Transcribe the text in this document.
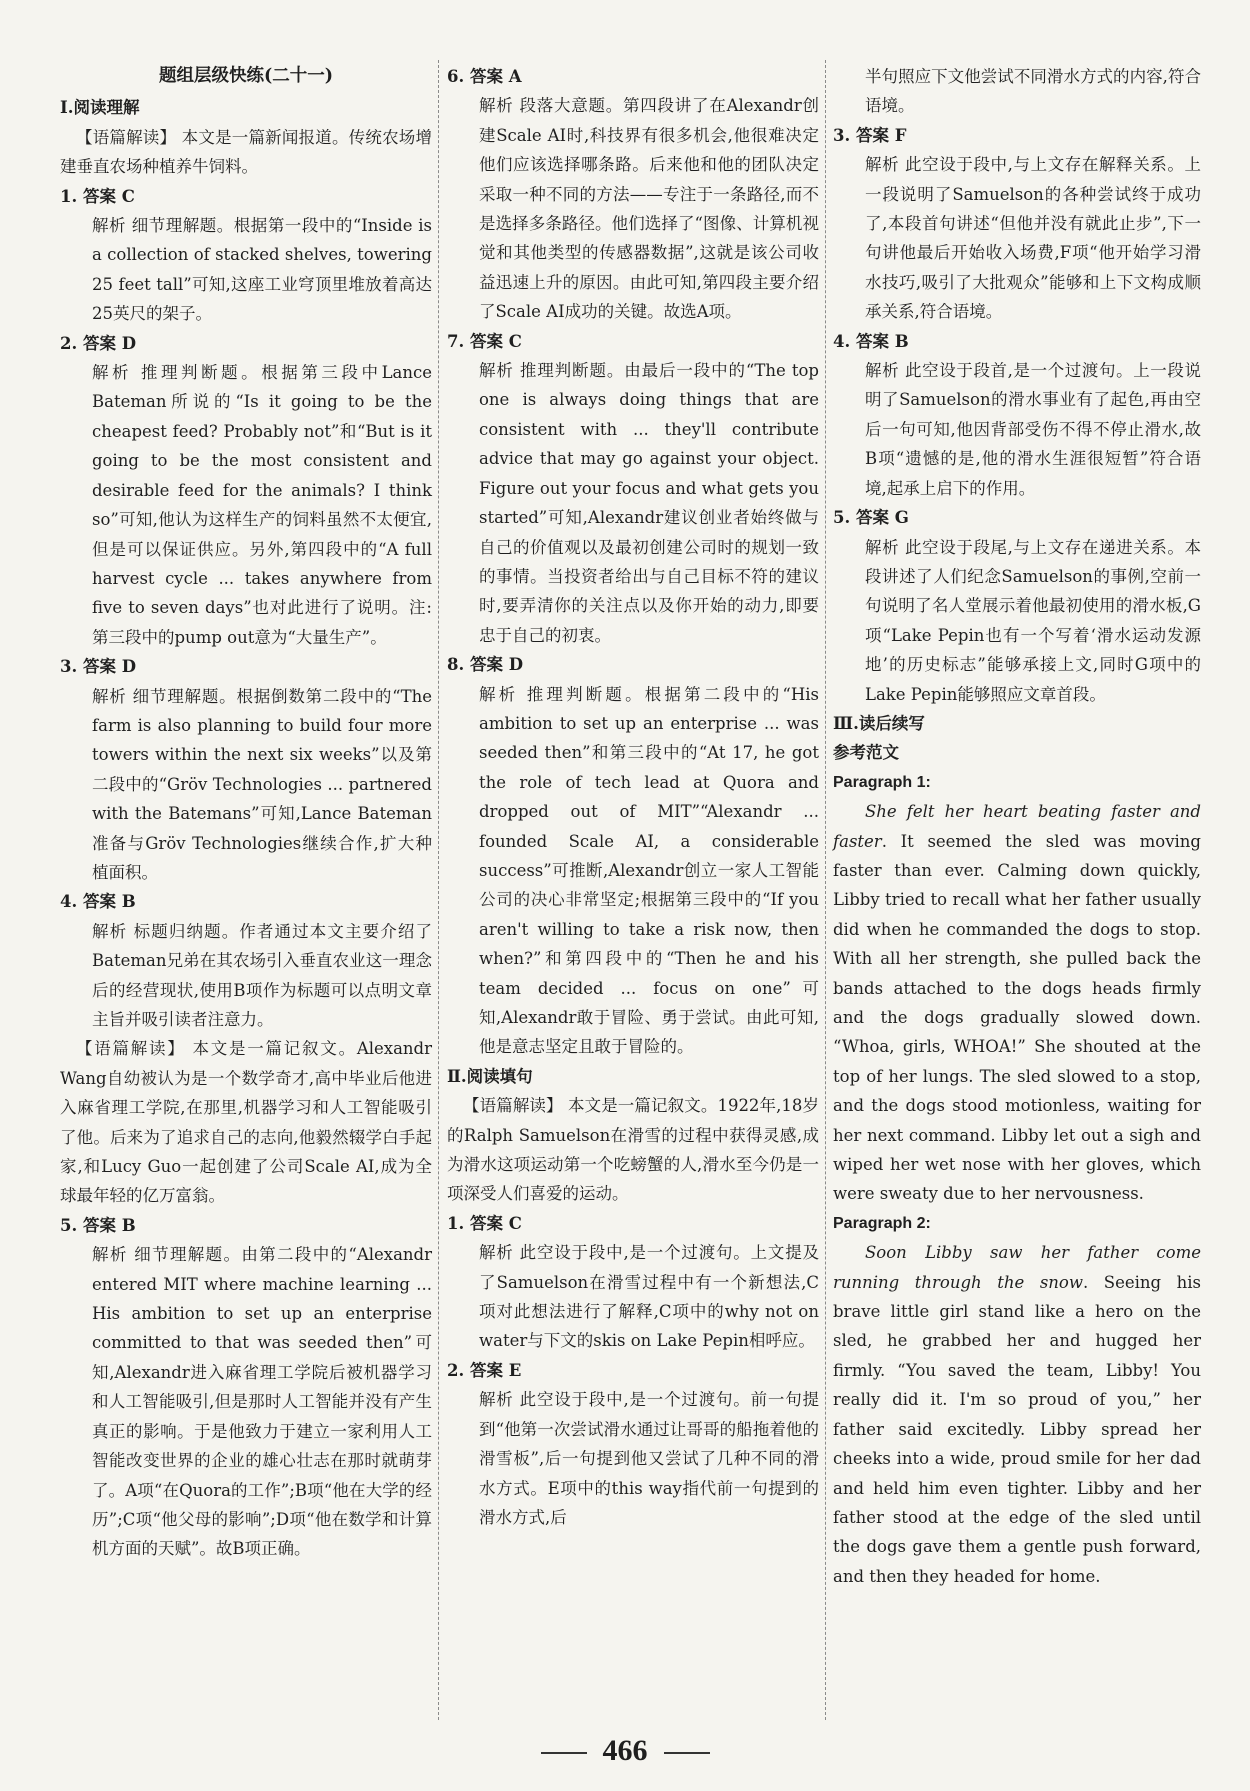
题组层级快练(二十一)

Ⅰ.阅读理解

【语篇解读】 本文是一篇新闻报道。传统农场增建垂直农场种植养牛饲料。

1. 答案 C

解析 细节理解题。根据第一段中的“Inside is a collection of stacked shelves, towering 25 feet tall”可知,这座工业穹顶里堆放着高达25英尺的架子。

2. 答案 D

解析 推理判断题。根据第三段中Lance Bateman所说的“Is it going to be the cheapest feed? Probably not”和“But is it going to be the most consistent and desirable feed for the animals? I think so”可知,他认为这样生产的饲料虽然不太便宜,但是可以保证供应。另外,第四段中的“A full harvest cycle ... takes anywhere from five to seven days”也对此进行了说明。注:第三段中的pump out意为“大量生产”。

3. 答案 D

解析 细节理解题。根据倒数第二段中的“The farm is also planning to build four more towers within the next six weeks”以及第二段中的“Gröv Technologies ... partnered with the Batemans”可知,Lance Bateman准备与Gröv Technologies继续合作,扩大种植面积。

4. 答案 B

解析 标题归纳题。作者通过本文主要介绍了Bateman兄弟在其农场引入垂直农业这一理念后的经营现状,使用B项作为标题可以点明文章主旨并吸引读者注意力。

【语篇解读】 本文是一篇记叙文。Alexandr Wang自幼被认为是一个数学奇才,高中毕业后他进入麻省理工学院,在那里,机器学习和人工智能吸引了他。后来为了追求自己的志向,他毅然辍学白手起家,和Lucy Guo一起创建了公司Scale AI,成为全球最年轻的亿万富翁。

5. 答案 B

解析 细节理解题。由第二段中的“Alexandr entered MIT where machine learning ... His ambition to set up an enterprise committed to that was seeded then”可知,Alexandr进入麻省理工学院后被机器学习和人工智能吸引,但是那时人工智能并没有产生真正的影响。于是他致力于建立一家利用人工智能改变世界的企业的雄心壮志在那时就萌芽了。A项“在Quora的工作”;B项“他在大学的经历”;C项“他父母的影响”;D项“他在数学和计算机方面的天赋”。故B项正确。

6. 答案 A

解析 段落大意题。第四段讲了在Alexandr创建Scale AI时,科技界有很多机会,他很难决定他们应该选择哪条路。后来他和他的团队决定采取一种不同的方法——专注于一条路径,而不是选择多条路径。他们选择了“图像、计算机视觉和其他类型的传感器数据”,这就是该公司收益迅速上升的原因。由此可知,第四段主要介绍了Scale AI成功的关键。故选A项。

7. 答案 C

解析 推理判断题。由最后一段中的“The top one is always doing things that are consistent with ... they'll contribute advice that may go against your object. Figure out your focus and what gets you started”可知,Alexandr建议创业者始终做与自己的价值观以及最初创建公司时的规划一致的事情。当投资者给出与自己目标不符的建议时,要弄清你的关注点以及你开始的动力,即要忠于自己的初衷。

8. 答案 D

解析 推理判断题。根据第二段中的“His ambition to set up an enterprise ... was seeded then”和第三段中的“At 17, he got the role of tech lead at Quora and dropped out of MIT”“Alexandr ... founded Scale AI, a considerable success”可推断,Alexandr创立一家人工智能公司的决心非常坚定;根据第三段中的“If you aren't willing to take a risk now, then when?”和第四段中的“Then he and his team decided ... focus on one”可知,Alexandr敢于冒险、勇于尝试。由此可知,他是意志坚定且敢于冒险的。

Ⅱ.阅读填句

【语篇解读】 本文是一篇记叙文。1922年,18岁的Ralph Samuelson在滑雪的过程中获得灵感,成为滑水这项运动第一个吃螃蟹的人,滑水至今仍是一项深受人们喜爱的运动。

1. 答案 C

解析 此空设于段中,是一个过渡句。上文提及了Samuelson在滑雪过程中有一个新想法,C项对此想法进行了解释,C项中的why not on water与下文的skis on Lake Pepin相呼应。

2. 答案 E

解析 此空设于段中,是一个过渡句。前一句提到“他第一次尝试滑水通过让哥哥的船拖着他的滑雪板”,后一句提到他又尝试了几种不同的滑水方式。E项中的this way指代前一句提到的滑水方式,后

半句照应下文他尝试不同滑水方式的内容,符合语境。

3. 答案 F

解析 此空设于段中,与上文存在解释关系。上一段说明了Samuelson的各种尝试终于成功了,本段首句讲述“但他并没有就此止步”,下一句讲他最后开始收入场费,F项“他开始学习滑水技巧,吸引了大批观众”能够和上下文构成顺承关系,符合语境。

4. 答案 B

解析 此空设于段首,是一个过渡句。上一段说明了Samuelson的滑水事业有了起色,再由空后一句可知,他因背部受伤不得不停止滑水,故B项“遗憾的是,他的滑水生涯很短暂”符合语境,起承上启下的作用。

5. 答案 G

解析 此空设于段尾,与上文存在递进关系。本段讲述了人们纪念Samuelson的事例,空前一句说明了名人堂展示着他最初使用的滑水板,G项“Lake Pepin也有一个写着‘滑水运动发源地’的历史标志”能够承接上文,同时G项中的Lake Pepin能够照应文章首段。

Ⅲ.读后续写

参考范文

Paragraph 1:

She felt her heart beating faster and faster. It seemed the sled was moving faster than ever. Calming down quickly, Libby tried to recall what her father usually did when he commanded the dogs to stop. With all her strength, she pulled back the bands attached to the dogs heads firmly and the dogs gradually slowed down. “Whoa, girls, WHOA!” She shouted at the top of her lungs. The sled slowed to a stop, and the dogs stood motionless, waiting for her next command. Libby let out a sigh and wiped her wet nose with her gloves, which were sweaty due to her nervousness.

Paragraph 2:

Soon Libby saw her father come running through the snow. Seeing his brave little girl stand like a hero on the sled, he grabbed her and hugged her firmly. “You saved the team, Libby! You really did it. I'm so proud of you,” her father said excitedly. Libby spread her cheeks into a wide, proud smile for her dad and held him even tighter. Libby and her father stood at the edge of the sled until the dogs gave them a gentle push forward, and then they headed for home.

466
